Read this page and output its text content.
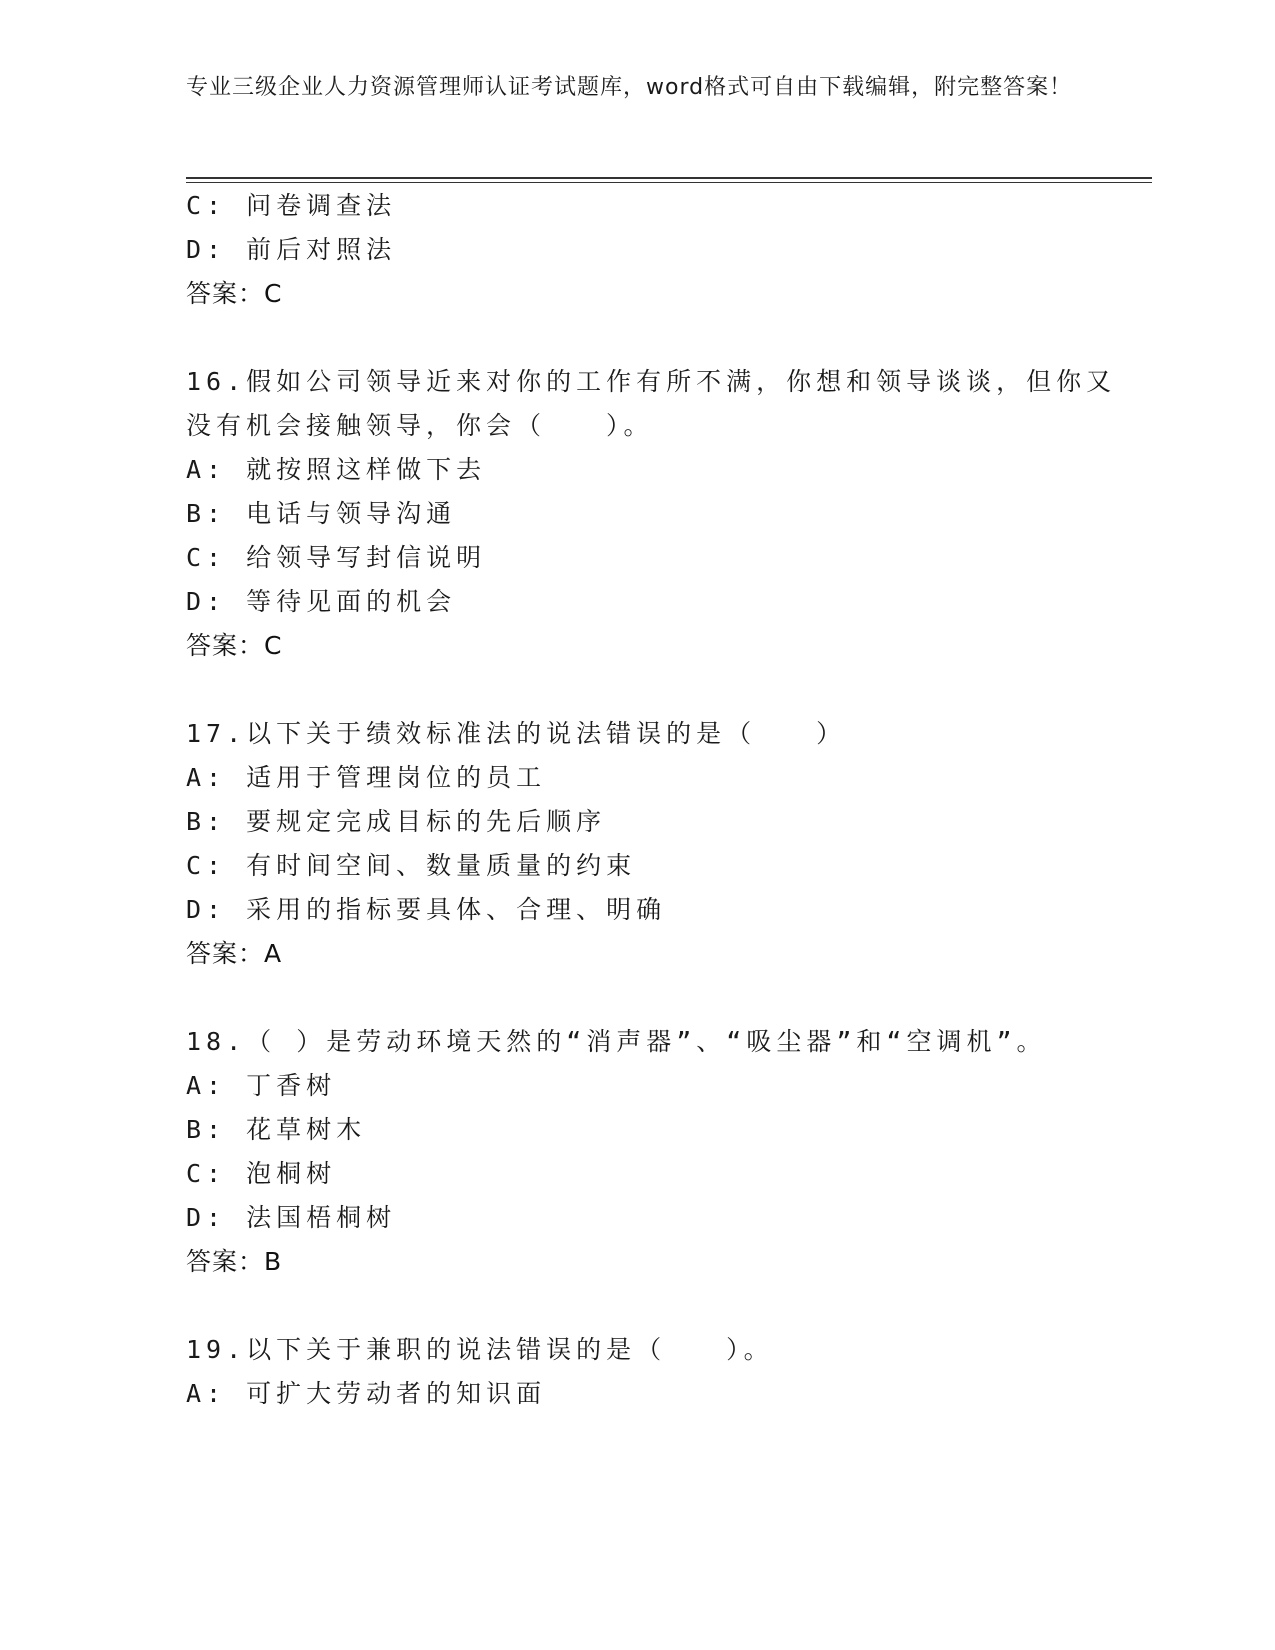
专业三级企业人力资源管理师认证考试题库，word格式可自由下载编辑，附完整答案！
C: 问卷调查法
D: 前后对照法
答案：C
16.假如公司领导近来对你的工作有所不满，你想和领导谈谈，但你又
没有机会接触领导，你会（　　）。
A: 就按照这样做下去
B: 电话与领导沟通
C: 给领导写封信说明
D: 等待见面的机会
答案：C
17.以下关于绩效标准法的说法错误的是（　　）
A: 适用于管理岗位的员工
B: 要规定完成目标的先后顺序
C: 有时间空间、数量质量的约束
D: 采用的指标要具体、合理、明确
答案：A
18.（ ）是劳动环境天然的“消声器”、“吸尘器”和“空调机”。
A: 丁香树
B: 花草树木
C: 泡桐树
D: 法国梧桐树
答案：B
19.以下关于兼职的说法错误的是（　　）。
A: 可扩大劳动者的知识面
